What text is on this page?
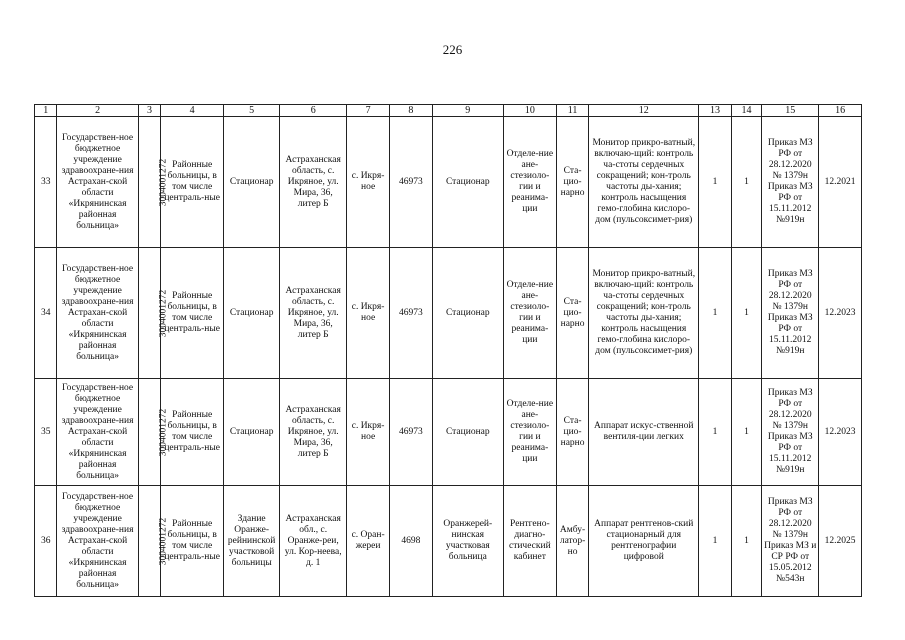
226
1	2	3	4	5	6	7	8	9	10	11	12	13	14	15	16
33	Государствен-ное бюджетное учреждение здравоохране-ния Астрахан-ской области «Икрянинская районная больница»	3004001272	Районные больницы, в том числе централь-ные	Стационар	Астраханская область, с. Икряное, ул. Мира, 36, литер Б	с. Икря-ное	46973	Стационар	Отделе-ние ане-стезиоло-гии и реанима-ции	Ста-цио-нарно	Монитор прикро-ватный, включаю-щий: контроль ча-стоты сердечных сокращений; кон-троль частоты ды-хания; контроль насыщения гемо-глобина кислоро-дом (пульсоксимет-рия)	1	1	Приказ МЗ РФ от 28.12.2020 № 1379н Приказ МЗ РФ от 15.11.2012 №919н	12.2021
34	Государствен-ное бюджетное учреждение здравоохране-ния Астрахан-ской области «Икрянинская районная больница»	3004001272	Районные больницы, в том числе централь-ные	Стационар	Астраханская область, с. Икряное, ул. Мира, 36, литер Б	с. Икря-ное	46973	Стационар	Отделе-ние ане-стезиоло-гии и реанима-ции	Ста-цио-нарно	Монитор прикро-ватный, включаю-щий: контроль ча-стоты сердечных сокращений; кон-троль частоты ды-хания; контроль насыщения гемо-глобина кислоро-дом (пульсоксимет-рия)	1	1	Приказ МЗ РФ от 28.12.2020 № 1379н Приказ МЗ РФ от 15.11.2012 №919н	12.2023
35	Государствен-ное бюджетное учреждение здравоохране-ния Астрахан-ской области «Икрянинская районная больница»	3004001272	Районные больницы, в том числе централь-ные	Стационар	Астраханская область, с. Икряное, ул. Мира, 36, литер Б	с. Икря-ное	46973	Стационар	Отделе-ние ане-стезиоло-гии и реанима-ции	Ста-цио-нарно	Аппарат искус-ственной вентиля-ции легких	1	1	Приказ МЗ РФ от 28.12.2020 № 1379н Приказ МЗ РФ от 15.11.2012 №919н	12.2023
36	Государствен-ное бюджетное учреждение здравоохране-ния Астрахан-ской области «Икрянинская районная больница»	3004001272	Районные больницы, в том числе централь-ные	Здание Оранже-рейнинской участковой больницы	Астраханская обл., с. Оранже-реи, ул. Кор-неева, д. 1	с. Оран-жереи	4698	Оранжерей-нинская участковая больница	Рентгено-диагно-стический кабинет	Амбу-латор-но	Аппарат рентгенов-ский стационарный для рентгенографии цифровой	1	1	Приказ МЗ РФ от 28.12.2020 № 1379н Приказ МЗ и СР РФ от 15.05.2012 №543н	12.2025
